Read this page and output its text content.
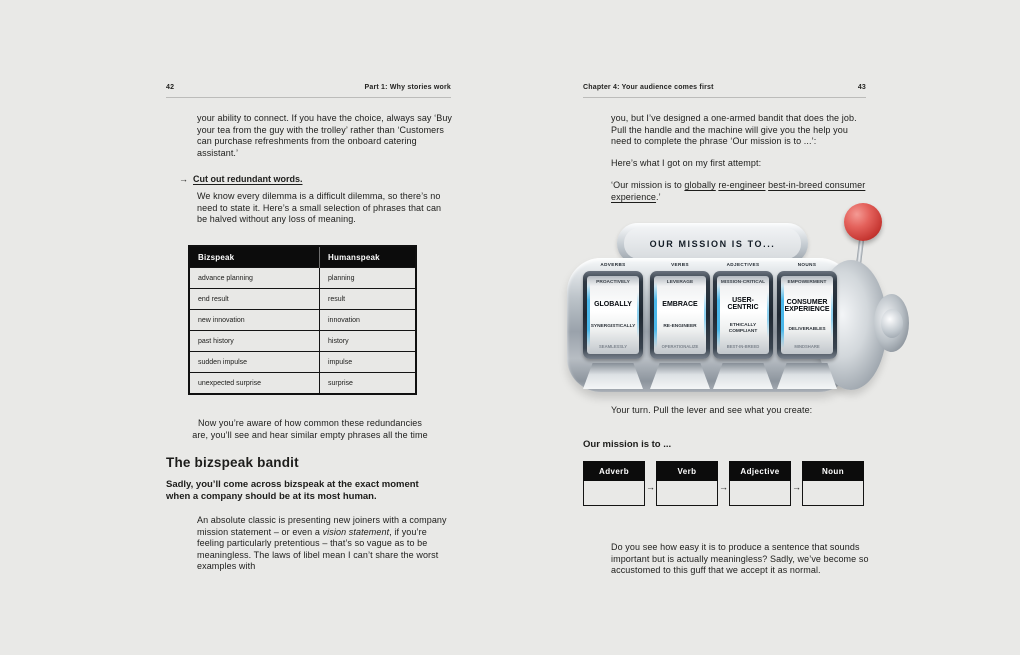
42	Part 1: Why stories work
your ability to connect. If you have the choice, always say ‘Buy your tea from the guy with the trolley’ rather than ‘Customers can purchase refreshments from the onboard catering assistant.’
→ Cut out redundant words.
We know every dilemma is a difficult dilemma, so there’s no need to state it. Here’s a small selection of phrases that can be halved without any loss of meaning.
Bizspeak	Humanspeak
advance planning	planning
end result	result
new innovation	innovation
past history	history
sudden impulse	impulse
unexpected surprise	surprise
Now you’re aware of how common these redundancies are, you’ll see and hear similar empty phrases all the time
The bizspeak bandit
Sadly, you’ll come across bizspeak at the exact moment when a company should be at its most human.
An absolute classic is presenting new joiners with a company mission statement – or even a vision statement, if you’re feeling particularly pretentious – that’s so vague as to be meaningless. The laws of libel mean I can’t share the worst examples with
Chapter 4: Your audience comes first	43
you, but I’ve designed a one-armed bandit that does the job. Pull the handle and the machine will give you the help you need to complete the phrase ‘Our mission is to ...’:
Here’s what I got on my first attempt:
‘Our mission is to globally re-engineer best-in-breed consumer experience.’
OUR MISSION IS TO...
ADVERBS
PROACTIVELY
GLOBALLY
SYNERGISTICALLY
SEAMLESSLY
VERBS
LEVERAGE
EMBRACE
RE-ENGINEER
OPERATIONALIZE
ADJECTIVES
MISSION-CRITICAL
USER-CENTRIC
ETHICALLY COMPLIANT
BEST-IN-BREED
NOUNS
EMPOWERMENT
CONSUMER EXPERIENCE
DELIVERABLES
MINDSHARE
Your turn. Pull the lever and see what you create:
Our mission is to ...
Adverb
→
Verb
→
Adjective
→
Noun
Do you see how easy it is to produce a sentence that sounds important but is actually meaningless? Sadly, we’ve become so accustomed to this guff that we accept it as normal.
